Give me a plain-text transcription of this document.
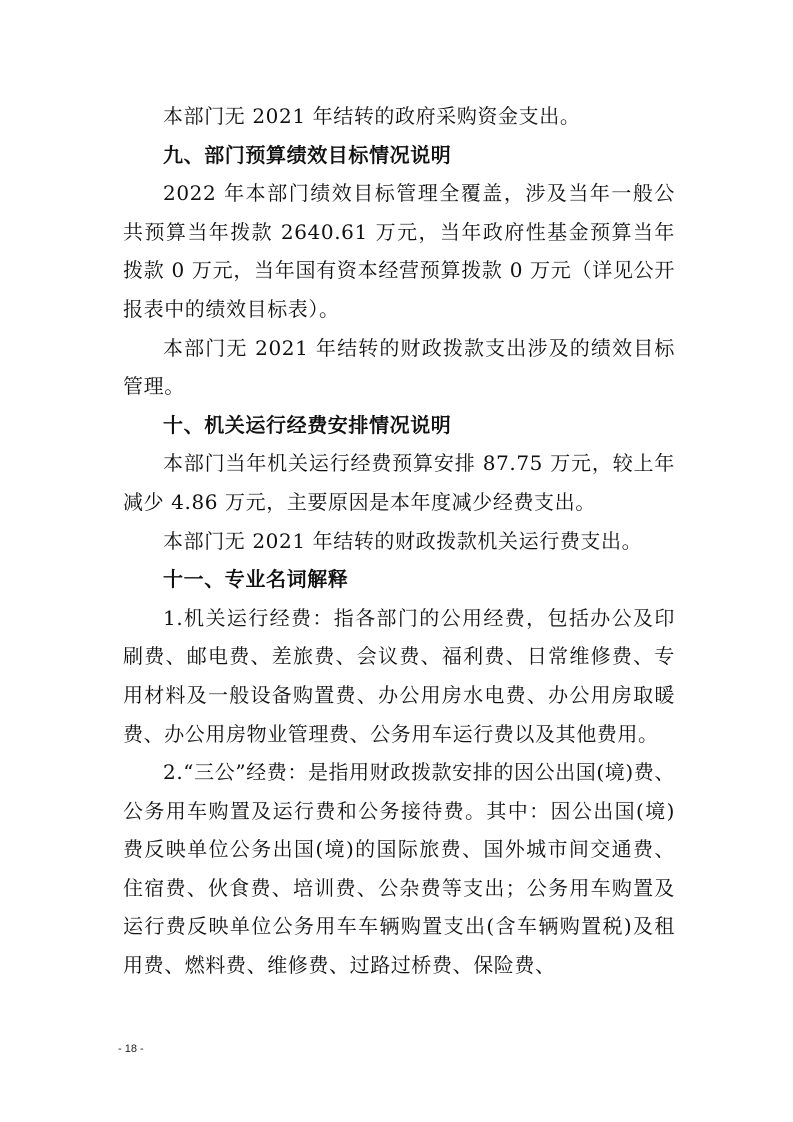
本部门无 2021 年结转的政府采购资金支出。

九、部门预算绩效目标情况说明

2022 年本部门绩效目标管理全覆盖，涉及当年一般公共预算当年拨款 2640.61 万元，当年政府性基金预算当年拨款 0 万元，当年国有资本经营预算拨款 0 万元（详见公开报表中的绩效目标表）。

本部门无 2021 年结转的财政拨款支出涉及的绩效目标管理。

十、机关运行经费安排情况说明

本部门当年机关运行经费预算安排 87.75 万元，较上年减少 4.86 万元，主要原因是本年度减少经费支出。

本部门无 2021 年结转的财政拨款机关运行费支出。

十一、专业名词解释

1.机关运行经费：指各部门的公用经费，包括办公及印刷费、邮电费、差旅费、会议费、福利费、日常维修费、专用材料及一般设备购置费、办公用房水电费、办公用房取暖费、办公用房物业管理费、公务用车运行费以及其他费用。

2.“三公”经费：是指用财政拨款安排的因公出国(境)费、公务用车购置及运行费和公务接待费。其中：因公出国(境)费反映单位公务出国(境)的国际旅费、国外城市间交通费、住宿费、伙食费、培训费、公杂费等支出；公务用车购置及运行费反映单位公务用车车辆购置支出(含车辆购置税)及租用费、燃料费、维修费、过路过桥费、保险费、

- 18 -
